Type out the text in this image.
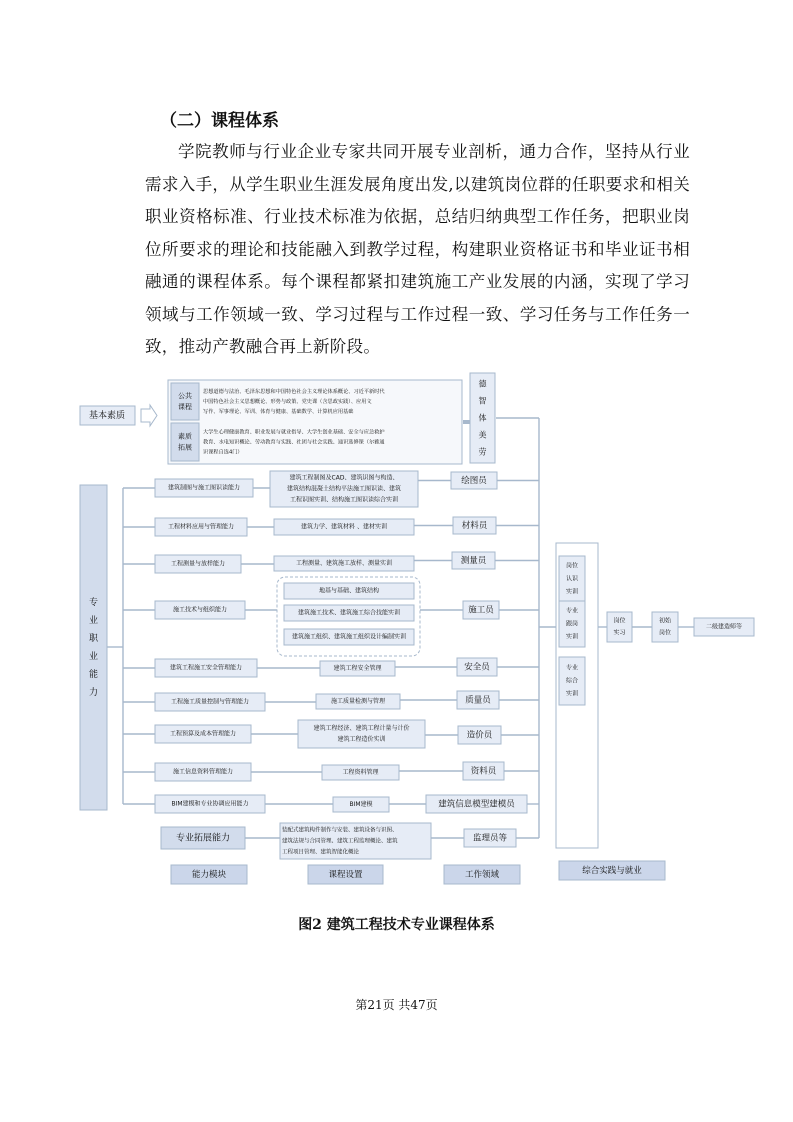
（二）课程体系
学院教师与行业企业专家共同开展专业剖析，通力合作，坚持从行业需求入手，从学生职业生涯发展角度出发,以建筑岗位群的任职要求和相关职业资格标准、行业技术标准为依据，总结归纳典型工作任务，把职业岗位所要求的理论和技能融入到教学过程，构建职业资格证书和毕业证书相融通的课程体系。每个课程都紧扣建筑施工产业发展的内涵，实现了学习领域与工作领域一致、学习过程与工作过程一致、学习任务与工作任务一致，推动产教融合再上新阶段。
基本素质
公共
课程
思想道德与法治、毛泽东思想和中国特色社会主义理论体系概论、习近平新时代
中国特色社会主义思想概论、形势与政策、党史课（含思政实践）、应用文
写作、军事理论、军训、体育与健康、基础数学、计算机应用基础
素质
拓展
大学生心理健康教育、职业发展与就业指导、大学生创业基础、安全与应急救护
教育、水电知识概论、劳动教育与实践、社团与社会实践、通识选修课（尔雅通
识课程自选4门）
德
智
体
美
劳
专
业
职
业
能
力
建筑制图与施工图识读能力
工程材料应用与管理能力
工程测量与放样能力
施工技术与组织能力
建筑工程施工安全管理能力
工程施工质量控制与管理能力
工程预算及成本管理能力
施工信息资料管理能力
BIM建模和专业协调应用能力
建筑工程制图及CAD、建筑识图与构造、
建筑结构混凝土结构平法施工图识读、建筑
工程识图实训、结构施工图识读综合实训
建筑力学、建筑材料 、建材实训
工程测量、建筑施工放样、测量实训
地基与基础、建筑结构
建筑施工技术、建筑施工综合技能实训
建筑施工组织、建筑施工组织设计编制实训
建筑工程安全管理
施工质量检测与管理
建筑工程经济、建筑工程计量与计价
建筑工程造价实训
工程资料管理
BIM建模
绘图员
材料员
测量员
施工员
安全员
质量员
造价员
资料员
建筑信息模型建模员
专业拓展能力
装配式建筑构件制作与安装、建筑设备与识图、
建筑法规与合同管理、建筑工程监理概论、建筑
工程项目管理、建筑智能化概论
监理员等
岗位
认识
实训
专业
跟岗
实训
专业
综合
实训
岗位
实习
初始
岗位
二级建造师等
能力模块	课程设置	工作领域	综合实践与就业
图2 建筑工程技术专业课程体系
第21页 共47页
